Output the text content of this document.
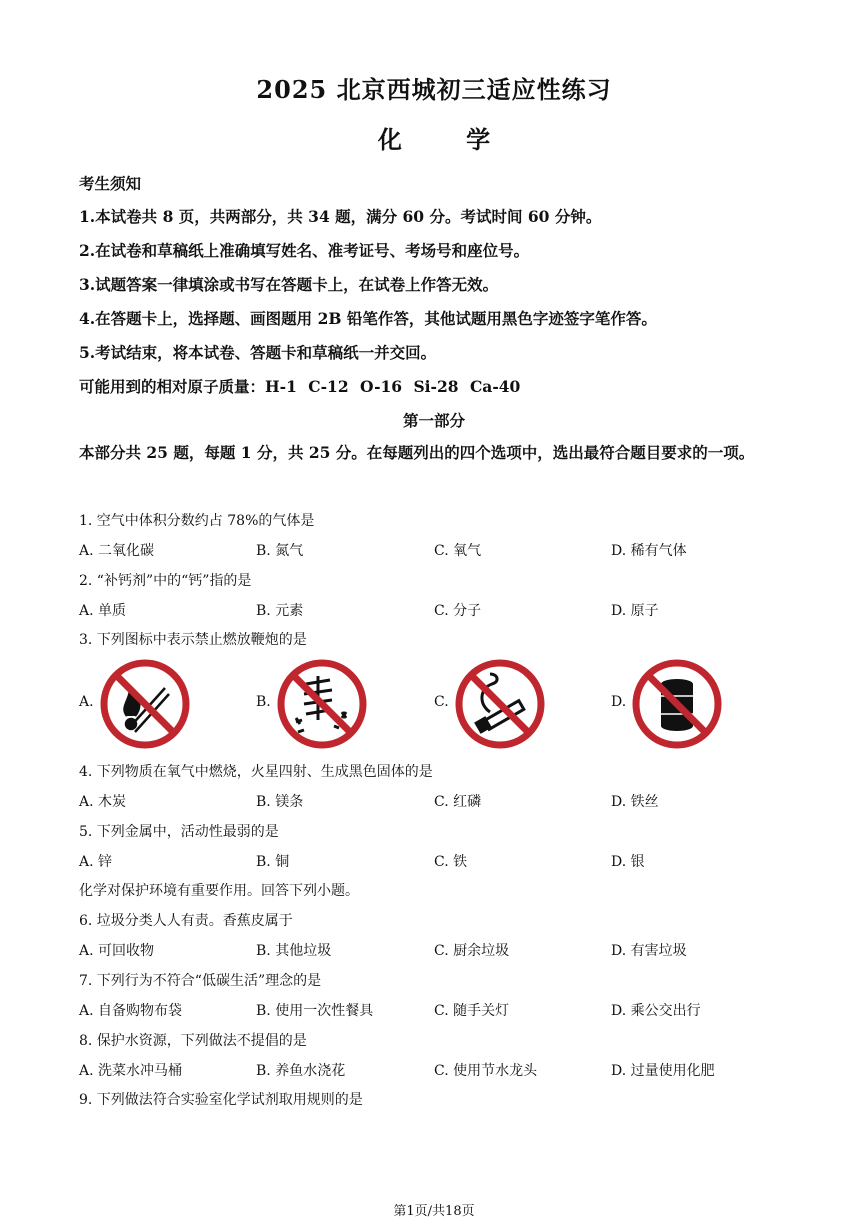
2025 北京西城初三适应性练习
化 学
考生须知
1.本试卷共 8 页，共两部分，共 34 题，满分 60 分。考试时间 60 分钟。
2.在试卷和草稿纸上准确填写姓名、准考证号、考场号和座位号。
3.试题答案一律填涂或书写在答题卡上，在试卷上作答无效。
4.在答题卡上，选择题、画图题用 2B 铅笔作答，其他试题用黑色字迹签字笔作答。
5.考试结束，将本试卷、答题卡和草稿纸一并交回。
可能用到的相对原子质量：H-1 C-12 O-16 Si-28 Ca-40
第一部分
本部分共 25 题，每题 1 分，共 25 分。在每题列出的四个选项中，选出最符合题目要求的一项。
1. 空气中体积分数约占 78%的气体是
A. 二氧化碳	B. 氮气	C. 氧气	D. 稀有气体
2. “补钙剂”中的“钙”指的是
A. 单质	B. 元素	C. 分子	D. 原子
3. 下列图标中表示禁止燃放鞭炮的是
A.	B.	C.	D.
4. 下列物质在氧气中燃烧，火星四射、生成黑色固体的是
A. 木炭	B. 镁条	C. 红磷	D. 铁丝
5. 下列金属中，活动性最弱的是
A. 锌	B. 铜	C. 铁	D. 银
化学对保护环境有重要作用。回答下列小题。
6. 垃圾分类人人有责。香蕉皮属于
A. 可回收物	B. 其他垃圾	C. 厨余垃圾	D. 有害垃圾
7. 下列行为不符合“低碳生活”理念的是
A. 自备购物布袋	B. 使用一次性餐具	C. 随手关灯	D. 乘公交出行
8. 保护水资源，下列做法不提倡的是
A. 洗菜水冲马桶	B. 养鱼水浇花	C. 使用节水龙头	D. 过量使用化肥
9. 下列做法符合实验室化学试剂取用规则的是
第1页/共18页
